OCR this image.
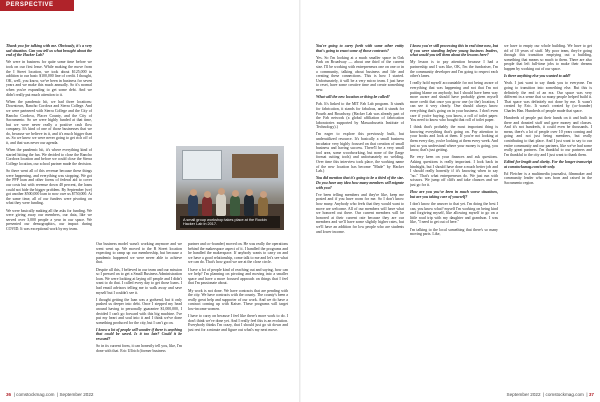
PERSPECTIVE

Thank you for talking with me. Obviously, it's a very sad situation. Can you tell us what brought about the end of the Hacker Lab?

We were in business for quite some time before we took on our first lease. While making the move from the I Street location, we took about $125,000 in addition to our basic $100,000 line of credit. I thought, OK, well, you know, we've been in business for seven years and we make this much annually. So it's normal when you're expanding to get some debt. And we didn't really put much attention to it.

When the pandemic hit, we had three locations: Downtown, Rancho Cordova and Sierra College. And we were partnered with Sierra College and the City of Rancho Cordova, Placer County, and the City of Sacramento. So we were highly funded at that time, but we were never really a positive cash flow company. It's kind of one of those businesses that we do, because we believe in it, and it's much bigger than us. So we knew we were never going to get rich off of it, and that was never our agenda.

When the pandemic hit, it's where everything kind of started hitting the fan. We decided to close the Rancho Cordova location and before we could close the Sierra College location, our school partner made the decision.

So there went all of this revenue because these things were happening, and everything was stopping. We got the PPP loan and other forms of federal aid to cover our costs but with revenue down 40 percent, the loans could not hide the bigger problem. By September (we) got another $500,000 loan to now owe us $750,000. At the same time, all of our funders were pivoting on what they were funding.

We were basically making all the asks for funding. We were giving away our members, our data, like we served over 3,000 people a year in our space. We presented our demographics, our impact during COVID. It was exceptional work by my team.

Our business model wasn't working anymore and we went went up. We moved to the R Street location expecting to ramp up our membership, but because a pandemic happened we were never able to achieve that.

Despite all this, I believed in our team and our mission so I pressed on to get a Small Business Administration loan. We were looking at laying off people and I didn't want to do that. I called every day to get those loans. I had email advisors telling me to walk away and save myself but I couldn't see it.

I thought getting the loan was a godsend, but it only pushed us deeper into debt. Once I stepped my head around having to personally guarantee $1,000,000, I decided I can't go forward with this big machine. I've put my heart and soul into it and I think we've done something produced for the city, but I can't go on.

I know a lot of people will wonder if there is anything that could be saved. Is it too late? Could it be rescued?

So in its current form, it can honestly tell you, like, I'm done with that. Eric Ullrich (former business

partner and co-founder) moved on. He was really the operations behind the makerspace aspect of it. I handled the programs and he handled the makerspace. If anybody wants to carry on and we have a good relationship, come talk to me and let's see what we can do. That's how good we are at the close circle.

I have a lot of people kind of reaching out and saying, how can we help? I'm planning on pivoting and moving into a smaller space and have a more focused approach on things that I feel that I'm passionate about.

My work is not done. We have contracts that are pending with the city. We have contracts with the county. The county's been a really great help and supporter of our work. And we do have a contract coming up with Kaiser. These programs will target low-income women.

I have to carry on because I feel like there's more work to do. I don't think we've done yet. And I really feel this is an evolution. Everybody thinks I'm crazy, that I should just go sit down and just rest for a minute and figure out what's my next move.

A small group workshop takes place at the Rockin Hacker Lab in 2017.
36  | comstockmag.com  | September 2022

You're going to carry forth with some other entity that's going to enact some of those contracts?

Yes. So I'm looking at a much smaller space in Oak Park on Broadway — about one third of the current size. I'll be working with entrepreneurs one on one or in a community, talking about business and life and creating these connections. This is how I started. Unfortunately, it will be a very micro team. I just have to reset, have some creative time and create something new.

What will the new location or thing be called?

Fab. It's linked to the MIT Fab Lab program. It stands for fabrication, it stands for fabulous, and it stands for Fourth and Broadway. (Hacker Lab was already part of the Fab network (a global affiliation of fabrication laboratories supported by Massachusetts Institute of Technology).)

I'm eager to explore this previously built, but underutilized resource. It's basically a small business incubator very highly focused on that creation of small business and having success. There'll be a very small tool area, some woodworking, but none of the (large format cutting tools) and unfortunately no welding. Over time this interview took place, the working name of the new location has become "Made" by Hacker Lab.)

You did mention that it's going to be a third of the size. Do you have any idea how many members will migrate with you?

I've been telling members and they're like, keep me posted and if you have room for me. So I don't know how many. Anybody who feels that they would want to move are welcome. All of our members will have what we honored out there. Our current members will be honored at their current rate because they are our members and we'll have some slightly higher rates, but we'll have an addition for low people who are students and lower income.

I know you're still processing this in real time now, but if you were standing before young business leaders, what would you tell them about the lessons here?

My lesson is to pay attention because I had a partnership and I was like, OK, I'm the fundraiser, I'm the community developer and I'm going to respect each other's lanes.

I really hold myself accountable for not being aware of everything that was happening and not that I'm not putting blame on anybody, but I should have been way more aware and should have probably given myself more credit that once you grow one (or the) location, I can see it very clearly. One should always know everything that's going on in your business. I don't even care if you're buying, you know, a roll of toilet paper. You need to know who bought that roll of toilet paper.

I think that's probably the most important thing is knowing everything that's going on. Pay attention to your books and look at them. If you're not looking at them every day, you're looking at them every week. And just so you understand where your money is going, you know, that's just getting.

Be very keen on your finances and ask questions. Asking questions is really important. I look back in hindsight, but I should have done a much better job and I should really honestly if it's knowing when to say "no." That's what entrepreneurs do. We just run with scissors. We jump off cliffs and take chances and we just go for it.

How are you you've been in much worse situations, but are you taking care of yourself?

I don't know the answer to that yet. I'm doing the best I can, you know what? myself I'm working on being kind and forgiving myself, like allowing myself to go on a little road trip with my daughter and grandson. I was like, "I need to get out of here."

I'm talking to the local something that there's so many moving parts. Like,

we have to empty our whole building. We have to get rid of 10 years of stuff. My poor team, they're going through this transition emptying out a building, something that means so much to them. There are also people that left full-time jobs to make their dreams happen by working out of our space.

Is there anything else you wanted to add?

Yeah. I just want to say thank you to everyone. I'm going to transition into something else. But this is definitely the end of an era. Our space was very different in a sense that so many people helped build it. That space was definitely not done by me. It wasn't created by Eric. It wasn't created by (co-founder) Charles Han. Hundreds of people made that space.

Hundreds of people put their hands on it and built in there and donated stuff and gave money and classes. And it's not hundreds, it could even be thousands. I mean, there's a lot of people over 10 years coming and going and not just being members, but really contributing to that place. And I just want to say to our entire community and our partners, like we've had some really great partners. I'm thankful to our partners and I'm thankful to the city and I just want to thank them.

Edited for length and clarity. For the longer transcript at comstocksmag.com/web-only.

Ed Fletcher is a multimedia journalist, filmmaker and community leader who was born and raised in the Sacramento region.

September 2022  | comstockmag.com  | 37
